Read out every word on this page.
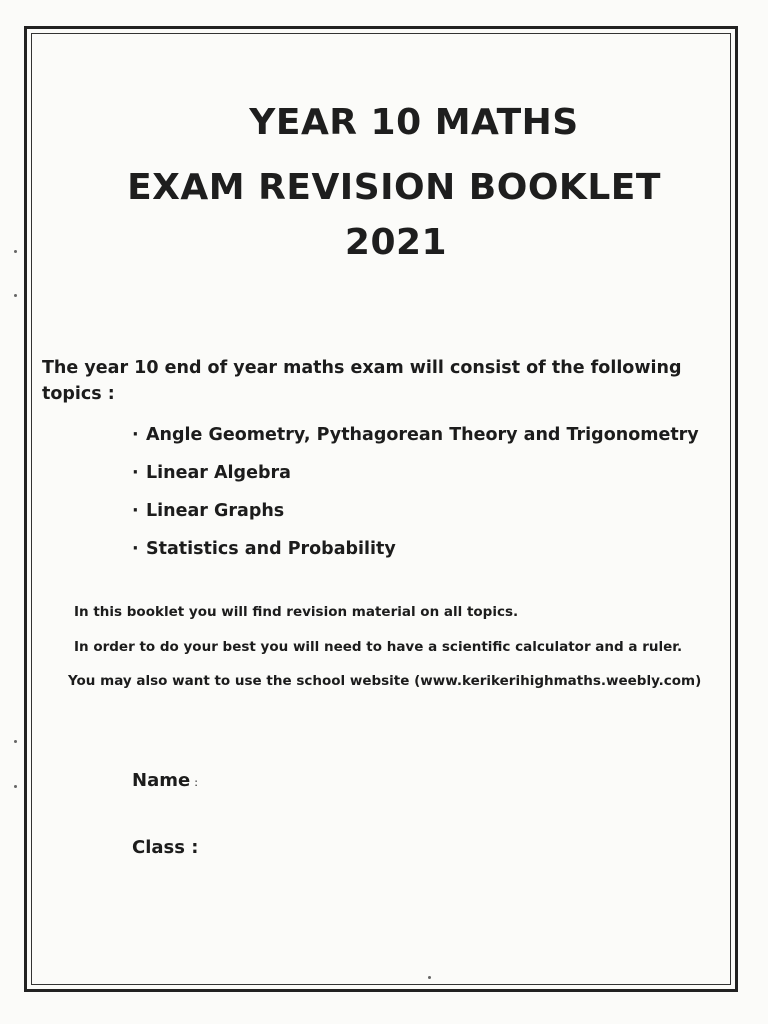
YEAR 10 MATHS
EXAM REVISION BOOKLET
2021
The year 10 end of year maths exam will consist of the following topics :
· Angle Geometry, Pythagorean Theory and Trigonometry
· Linear Algebra
· Linear Graphs
· Statistics and Probability
In this booklet you will find revision material on all topics.
In order to do your best you will need to have a scientific calculator and a ruler.
You may also want to use the school website (www.kerikerihighmaths.weebly.com)
Name :
Class :
